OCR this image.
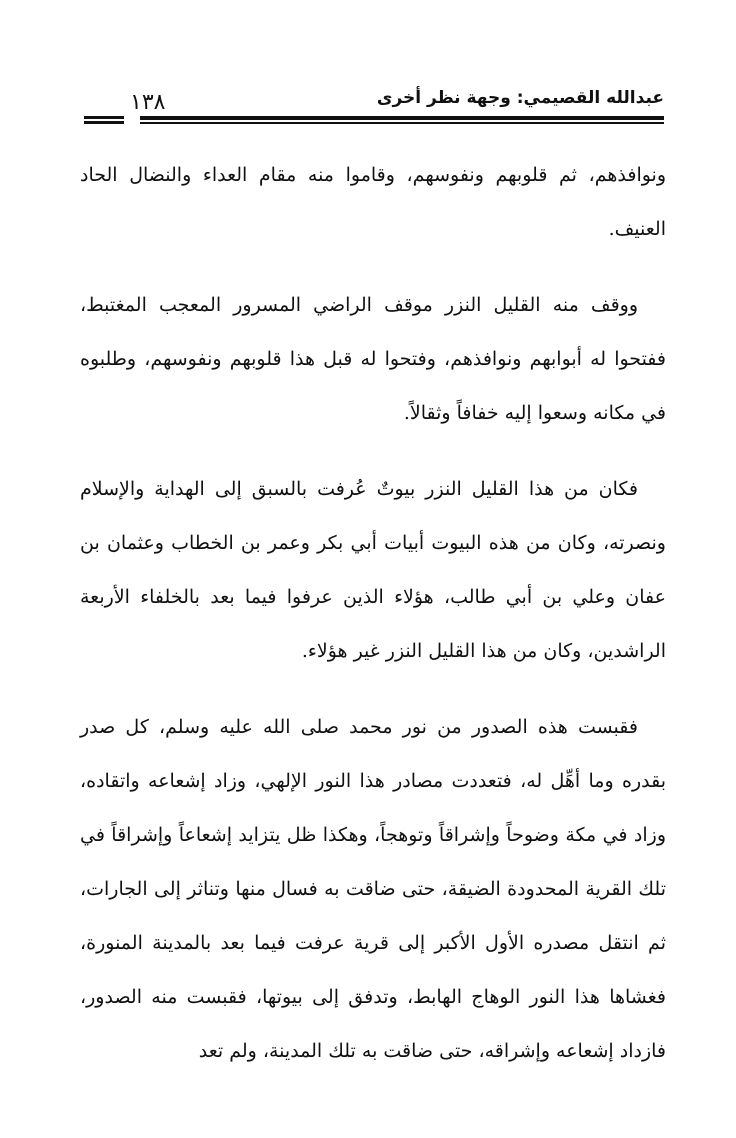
عبدالله القصيمي: وجهة نظر أخرى
١٣٨

ونوافذهم، ثم قلوبهم ونفوسهم، وقاموا منه مقام العداء والنضال الحاد العنيف.

ووقف منه القليل النزر موقف الراضي المسرور المعجب المغتبط، ففتحوا له أبوابهم ونوافذهم، وفتحوا له قبل هذا قلوبهم ونفوسهم، وطلبوه في مكانه وسعوا إليه خفافاً وثقالاً.

فكان من هذا القليل النزر بيوتٌ عُرفت بالسبق إلى الهداية والإسلام ونصرته، وكان من هذه البيوت أبيات أبي بكر وعمر بن الخطاب وعثمان بن عفان وعلي بن أبي طالب، هؤلاء الذين عرفوا فيما بعد بالخلفاء الأربعة الراشدين، وكان من هذا القليل النزر غير هؤلاء.

فقبست هذه الصدور من نور محمد صلى الله عليه وسلم، كل صدر بقدره وما أهِّل له، فتعددت مصادر هذا النور الإلهي، وزاد إشعاعه واتقاده، وزاد في مكة وضوحاً وإشراقاً وتوهجاً، وهكذا ظل يتزايد إشعاعاً وإشراقاً في تلك القرية المحدودة الضيقة، حتى ضاقت به فسال منها وتناثر إلى الجارات، ثم انتقل مصدره الأول الأكبر إلى قرية عرفت فيما بعد بالمدينة المنورة، فغشاها هذا النور الوهاج الهابط، وتدفق إلى بيوتها، فقبست منه الصدور، فازداد إشعاعه وإشراقه، حتى ضاقت به تلك المدينة، ولم تعد
